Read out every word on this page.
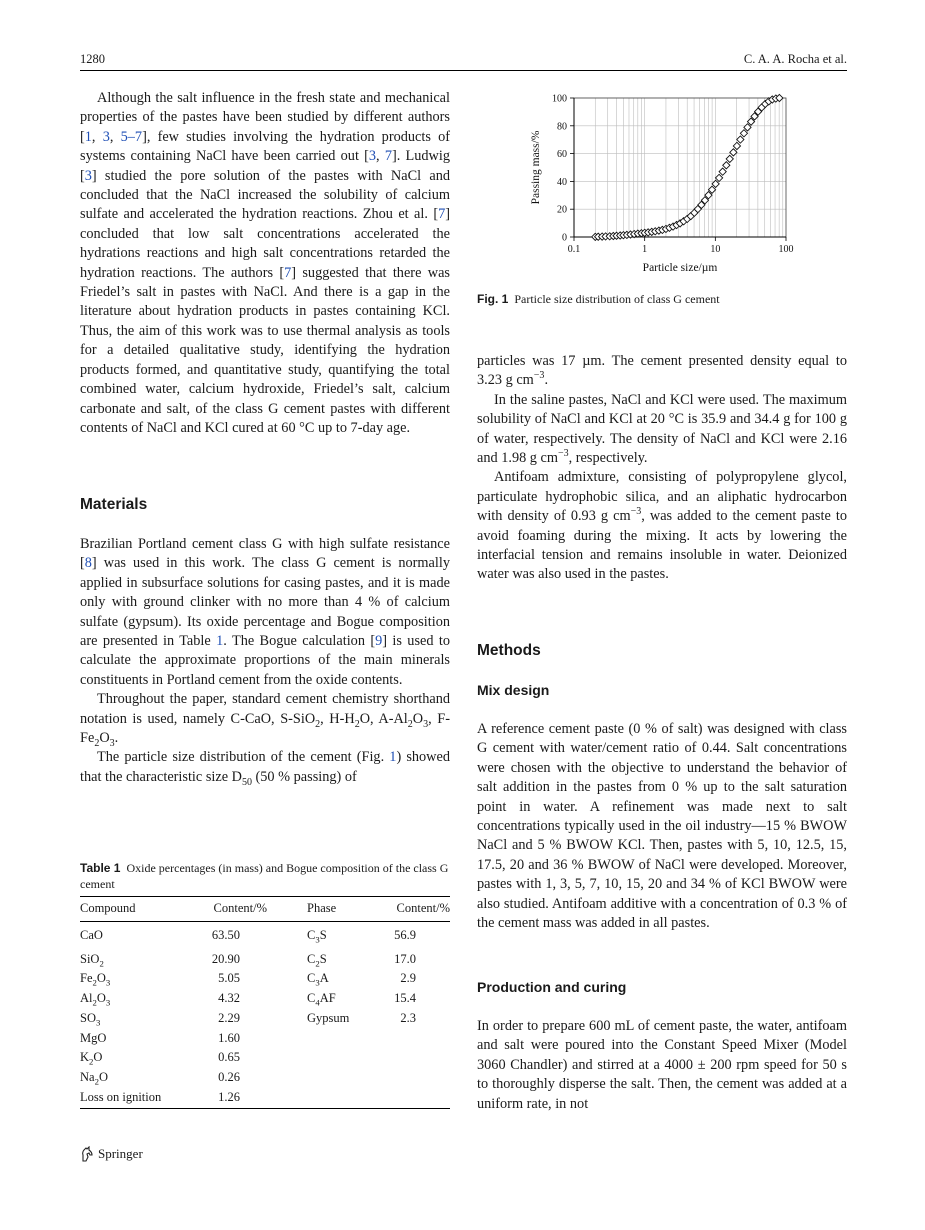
1280	C. A. A. Rocha et al.

Although the salt influence in the fresh state and mechanical properties of the pastes have been studied by different authors [1, 3, 5–7], few studies involving the hydration products of systems containing NaCl have been carried out [3, 7]. Ludwig [3] studied the pore solution of the pastes with NaCl and concluded that the NaCl increased the solubility of calcium sulfate and accelerated the hydration reactions. Zhou et al. [7] concluded that low salt concentrations accelerated the hydrations reactions and high salt concentrations retarded the hydration reactions. The authors [7] suggested that there was Friedel’s salt in pastes with NaCl. And there is a gap in the literature about hydration products in pastes containing KCl. Thus, the aim of this work was to use thermal analysis as tools for a detailed qualitative study, identifying the hydration products formed, and quantitative study, quantifying the total combined water, calcium hydroxide, Friedel’s salt, calcium carbonate and salt, of the class G cement pastes with different contents of NaCl and KCl cured at 60 °C up to 7-day age.

Materials

Brazilian Portland cement class G with high sulfate resistance [8] was used in this work. The class G cement is normally applied in subsurface solutions for casing pastes, and it is made only with ground clinker with no more than 4 % of calcium sulfate (gypsum). Its oxide percentage and Bogue composition are presented in Table 1. The Bogue calculation [9] is used to calculate the approximate proportions of the main minerals constituents in Portland cement from the oxide contents.

Throughout the paper, standard cement chemistry shorthand notation is used, namely C-CaO, S-SiO$_2$, $H-H_2O$, $A-Al_2O_3$, $F-Fe_2O_3$.

The particle size distribution of the cement (Fig. 1) showed that the characteristic size $D_{50}$ (50 % passing) of

Table 1 Oxide percentages (in mass) and Bogue composition of the class G cement
Compound	Content/%		Phase	Content/%
CaO	63.50		$C_3S$	56.9
SiO$_2$	20.90		$C_2S$	17.0
$Fe_2O_3$	5.05		$C_3A$	2.9
$Al_2O_3$	4.32		$C_4AF$	15.4
$SO_3$	2.29		Gypsum	2.3
MgO	1.60			
$K_2O$	0.65			
$Na_2O$	0.26			
Loss on ignition	1.26			
0
20
40
60
80
100
0.1	1	10	100
Particle size/µm
Passing mass/%
Fig. 1 Particle size distribution of class G cement

particles was 17 µm. The cement presented density equal to 3.23 g $cm^{-3}$.

In the saline pastes, NaCl and KCl were used. The maximum solubility of NaCl and KCl at 20 °C is 35.9 and 34.4 g for 100 g of water, respectively. The density of NaCl and KCl were 2.16 and 1.98 g $cm^{-3}$, respectively.

Antifoam admixture, consisting of polypropylene glycol, particulate hydrophobic silica, and an aliphatic hydrocarbon with density of 0.93 g $cm^{-3}$, was added to the cement paste to avoid foaming during the mixing. It acts by lowering the interfacial tension and remains insoluble in water. Deionized water was also used in the pastes.

Methods
Mix design

A reference cement paste (0 % of salt) was designed with class G cement with water/cement ratio of 0.44. Salt concentrations were chosen with the objective to understand the behavior of salt addition in the pastes from 0 % up to the salt saturation point in water. A refinement was made next to salt concentrations typically used in the oil industry—15 % BWOW NaCl and 5 % BWOW KCl. Then, pastes with 5, 10, 12.5, 15, 17.5, 20 and 36 % BWOW of NaCl were developed. Moreover, pastes with 1, 3, 5, 7, 10, 15, 20 and 34 % of KCl BWOW were also studied. Antifoam additive with a concentration of 0.3 % of the cement mass was added in all pastes.

Production and curing

In order to prepare 600 mL of cement paste, the water, antifoam and salt were poured into the Constant Speed Mixer (Model 3060 Chandler) and stirred at a 4000 ± 200 rpm speed for 50 s to thoroughly disperse the salt. Then, the cement was added at a uniform rate, in not

Springer
